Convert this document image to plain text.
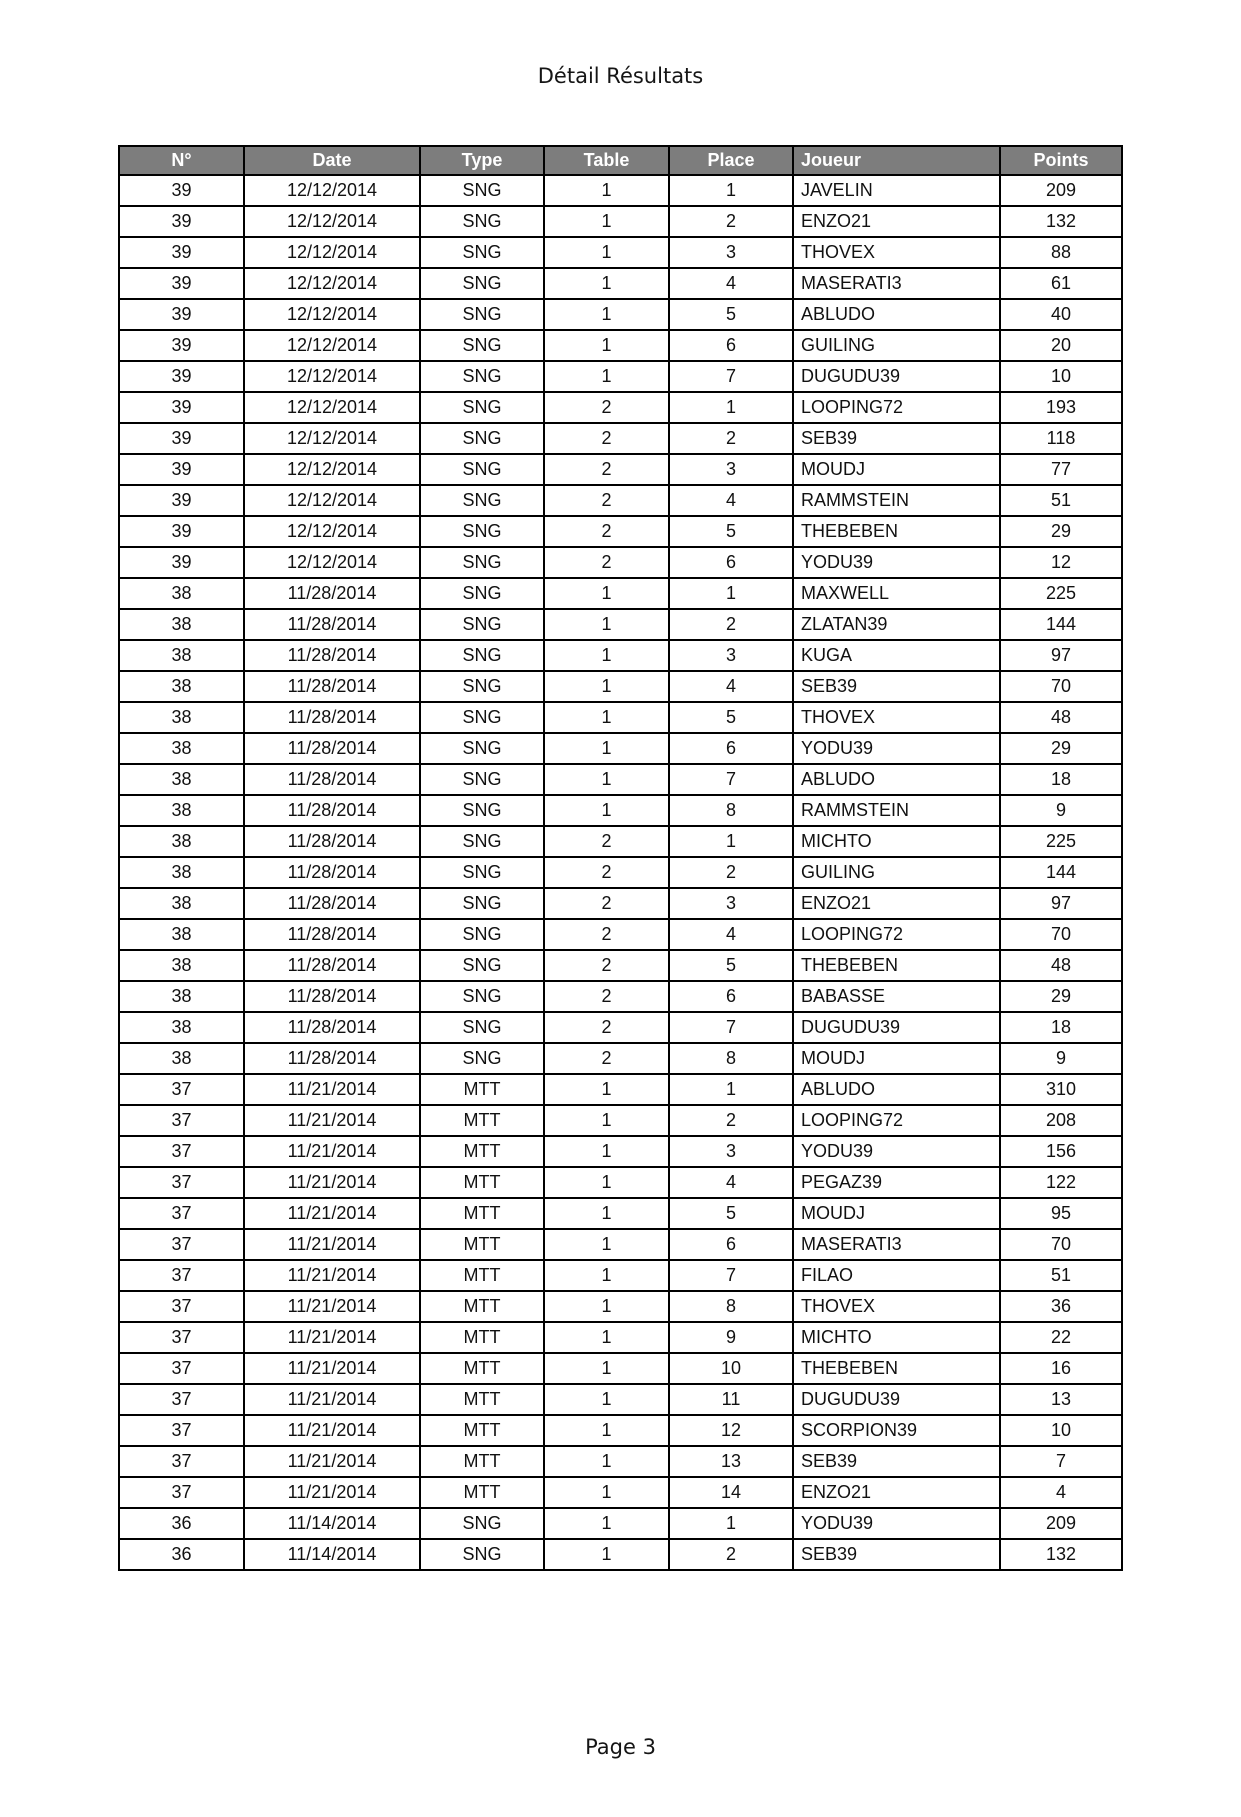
Détail Résultats
N°	Date	Type	Table	Place	Joueur	Points
39	12/12/2014	SNG	1	1	JAVELIN	209
39	12/12/2014	SNG	1	2	ENZO21	132
39	12/12/2014	SNG	1	3	THOVEX	88
39	12/12/2014	SNG	1	4	MASERATI3	61
39	12/12/2014	SNG	1	5	ABLUDO	40
39	12/12/2014	SNG	1	6	GUILING	20
39	12/12/2014	SNG	1	7	DUGUDU39	10
39	12/12/2014	SNG	2	1	LOOPING72	193
39	12/12/2014	SNG	2	2	SEB39	118
39	12/12/2014	SNG	2	3	MOUDJ	77
39	12/12/2014	SNG	2	4	RAMMSTEIN	51
39	12/12/2014	SNG	2	5	THEBEBEN	29
39	12/12/2014	SNG	2	6	YODU39	12
38	11/28/2014	SNG	1	1	MAXWELL	225
38	11/28/2014	SNG	1	2	ZLATAN39	144
38	11/28/2014	SNG	1	3	KUGA	97
38	11/28/2014	SNG	1	4	SEB39	70
38	11/28/2014	SNG	1	5	THOVEX	48
38	11/28/2014	SNG	1	6	YODU39	29
38	11/28/2014	SNG	1	7	ABLUDO	18
38	11/28/2014	SNG	1	8	RAMMSTEIN	9
38	11/28/2014	SNG	2	1	MICHTO	225
38	11/28/2014	SNG	2	2	GUILING	144
38	11/28/2014	SNG	2	3	ENZO21	97
38	11/28/2014	SNG	2	4	LOOPING72	70
38	11/28/2014	SNG	2	5	THEBEBEN	48
38	11/28/2014	SNG	2	6	BABASSE	29
38	11/28/2014	SNG	2	7	DUGUDU39	18
38	11/28/2014	SNG	2	8	MOUDJ	9
37	11/21/2014	MTT	1	1	ABLUDO	310
37	11/21/2014	MTT	1	2	LOOPING72	208
37	11/21/2014	MTT	1	3	YODU39	156
37	11/21/2014	MTT	1	4	PEGAZ39	122
37	11/21/2014	MTT	1	5	MOUDJ	95
37	11/21/2014	MTT	1	6	MASERATI3	70
37	11/21/2014	MTT	1	7	FILAO	51
37	11/21/2014	MTT	1	8	THOVEX	36
37	11/21/2014	MTT	1	9	MICHTO	22
37	11/21/2014	MTT	1	10	THEBEBEN	16
37	11/21/2014	MTT	1	11	DUGUDU39	13
37	11/21/2014	MTT	1	12	SCORPION39	10
37	11/21/2014	MTT	1	13	SEB39	7
37	11/21/2014	MTT	1	14	ENZO21	4
36	11/14/2014	SNG	1	1	YODU39	209
36	11/14/2014	SNG	1	2	SEB39	132
Page 3
